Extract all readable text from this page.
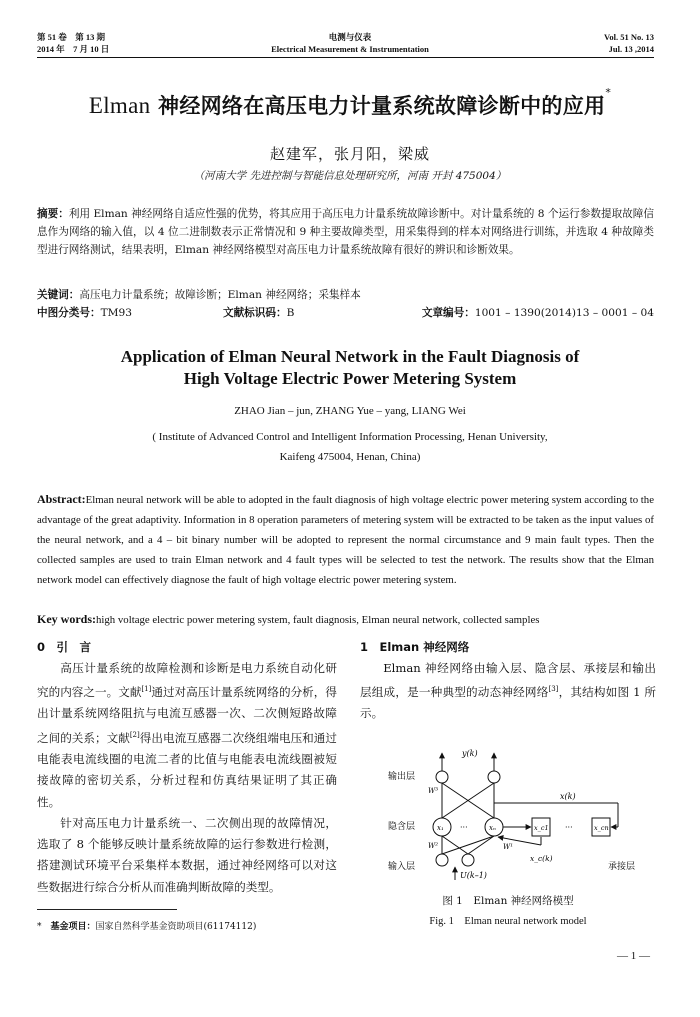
第 51 卷　第 13 期
2014 年　7 月 10 日
电测与仪表
Electrical Measurement & Instrumentation
Vol. 51 No. 13
Jul. 13 ,2014
Elman 神经网络在高压电力计量系统故障诊断中的应用*
赵建军，张月阳，梁威
（河南大学 先进控制与智能信息处理研究所，河南 开封 475004）
摘要：利用 Elman 神经网络自适应性强的优势，将其应用于高压电力计量系统故障诊断中。对计量系统的 8 个运行参数提取故障信息作为网络的输入值，以 4 位二进制数表示正常情况和 9 种主要故障类型，用采集得到的样本对网络进行训练，并选取 4 种故障类型进行网络测试，结果表明，Elman 神经网络模型对高压电力计量系统故障有很好的辨识和诊断效果。
关键词：高压电力计量系统；故障诊断；Elman 神经网络；采集样本
中图分类号：TM93	文献标识码：B	文章编号：1001 – 1390(2014)13 – 0001 – 04
Application of Elman Neural Network in the Fault Diagnosis of
High Voltage Electric Power Metering System
ZHAO Jian – jun, ZHANG Yue – yang, LIANG Wei
( Institute of Advanced Control and Intelligent Information Processing, Henan University,
Kaifeng 475004, Henan, China)
Abstract:Elman neural network will be able to adopted in the fault diagnosis of high voltage electric power metering system according to the advantage of the great adaptivity. Information in 8 operation parameters of metering system will be extracted to be taken as the input values of the neural network, and a 4 – bit binary number will be adopted to represent the normal circumstance and 9 main fault types. Then the collected samples are used to train Elman network and 4 fault types will be selected to test the network. The results show that the Elman network model can effectively diagnose the fault of high voltage electric power metering system.
Key words:high voltage electric power metering system, fault diagnosis, Elman neural network, collected samples
0　引　言

高压计量系统的故障检测和诊断是电力系统自动化研究的内容之一。文献[1]通过对高压计量系统网络的分析，得出计量系统网络阻抗与电流互感器一次、二次侧短路故障之间的关系；文献[2]得出电流互感器二次绕组端电压和通过电能表电流线圈的电流二者的比值与电能表电流线圈被短接故障的密切关系，分析过程和仿真结果证明了其正确性。

针对高压电力计量系统一、二次侧出现的故障情况，选取了 8 个能够反映计量系统故障的运行参数进行检测，搭建测试环境平台采集样本数据，通过神经网络可以对这些数据进行综合分析从而准确判断故障的类型。

*　 基金项目：国家自然科学基金资助项目(61174112)
1　Elman 神经网络

Elman 神经网络由输入层、隐含层、承接层和输出层组成，是一种典型的动态神经网络[3]，其结构如图 1 所示。

输出层
隐含层
输入层	承接层
y(k)
W³
x₁ ···	xₙ	x_c1 ···	x_cn
x(k)
W¹
x_c(k)
W²
U(k–1)
图 1　Elman 神经网络模型
Fig. 1　Elman neural network model
— 1 —
